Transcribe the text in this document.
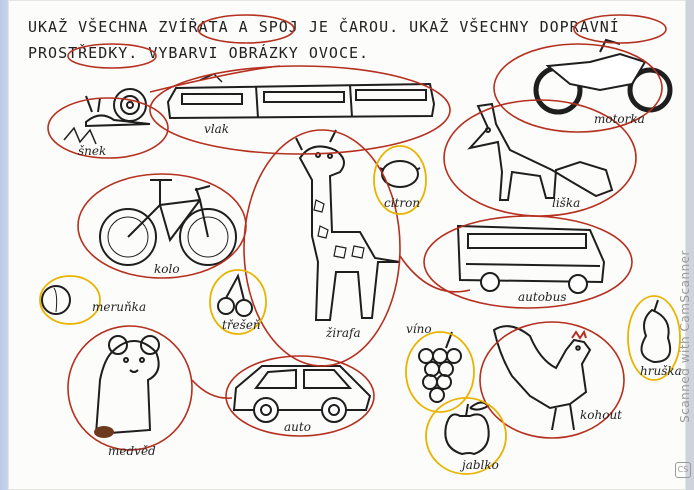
UKAŽ VŠECHNA ZVÍŘATA A SPOJ JE ČAROU. UKAŽ VŠECHNY DOPRAVNÍ PROSTŘEDKY. VYBARVI OBRÁZKY OVOCE.

šnek
vlak
motorka
citron	liška
kolo
žirafa
autobus
meruňka
třešeň	víno
hruška
medvěd
auto
kohout
jablko
Scanned with CamScanner
CS
